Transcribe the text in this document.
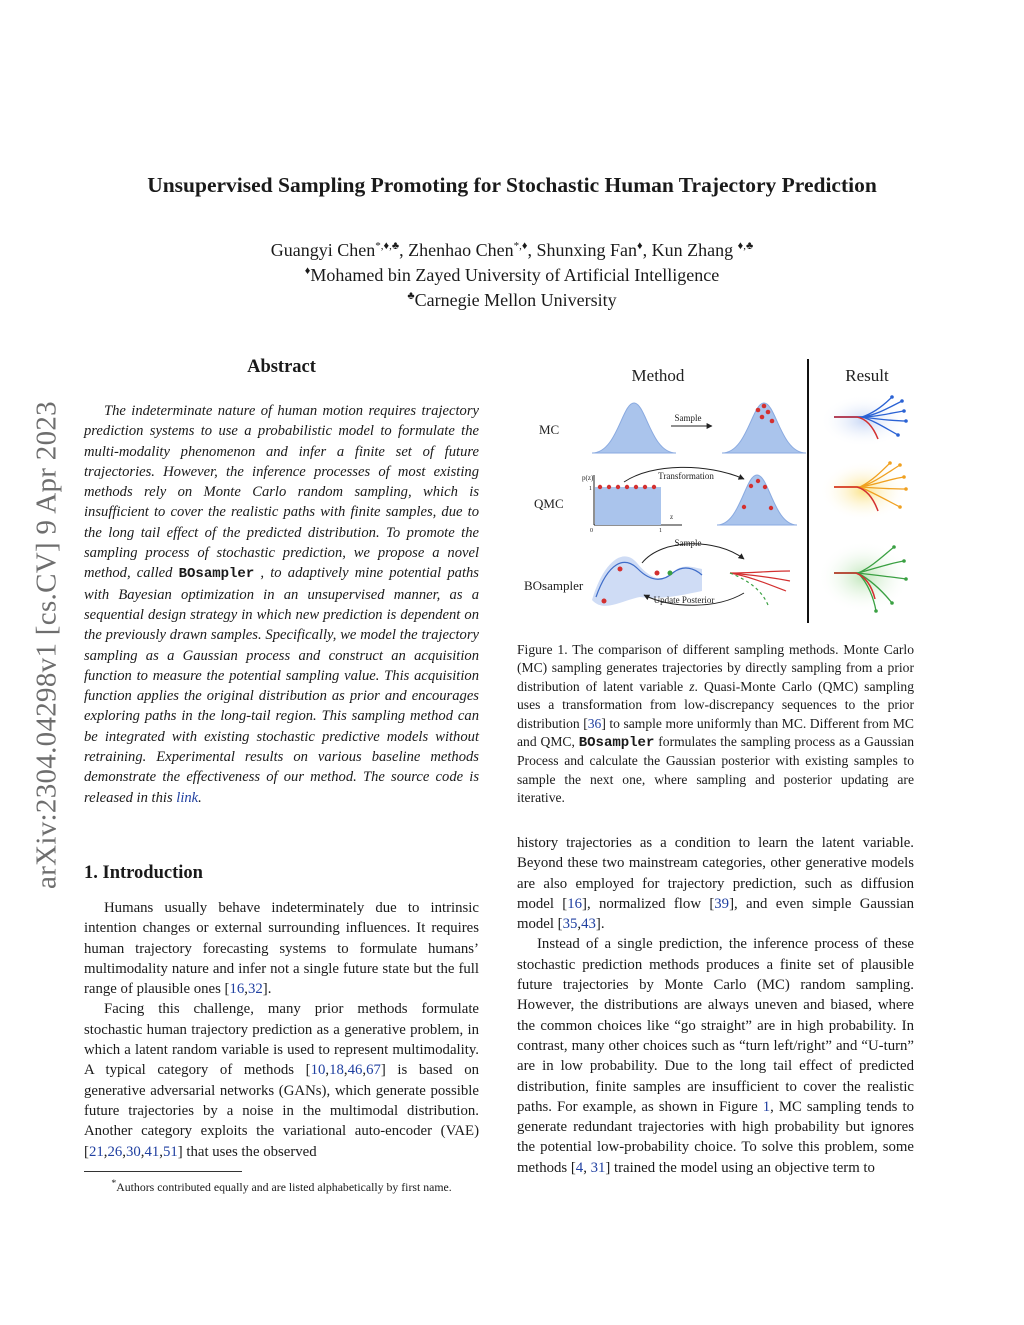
arXiv:2304.04298v1 [cs.CV] 9 Apr 2023
Unsupervised Sampling Promoting for Stochastic Human Trajectory Prediction
Guangyi Chen*,♦,♣, Zhenhao Chen*,♦, Shunxing Fan♦, Kun Zhang ♦,♣
♦Mohamed bin Zayed University of Artificial Intelligence
♣Carnegie Mellon University
Abstract
The indeterminate nature of human motion requires trajectory prediction systems to use a probabilistic model to formulate the multi-modality phenomenon and infer a finite set of future trajectories. However, the inference processes of most existing methods rely on Monte Carlo random sampling, which is insufficient to cover the realistic paths with finite samples, due to the long tail effect of the predicted distribution. To promote the sampling process of stochastic prediction, we propose a novel method, called BOsampler , to adaptively mine potential paths with Bayesian optimization in an unsupervised manner, as a sequential design strategy in which new prediction is dependent on the previously drawn samples. Specifically, we model the trajectory sampling as a Gaussian process and construct an acquisition function to measure the potential sampling value. This acquisition function applies the original distribution as prior and encourages exploring paths in the long-tail region. This sampling method can be integrated with existing stochastic predictive models without retraining. Experimental results on various baseline methods demonstrate the effectiveness of our method. The source code is released in this link.
1. Introduction

Humans usually behave indeterminately due to intrinsic intention changes or external surrounding influences. It requires human trajectory forecasting systems to formulate humans’ multimodality nature and infer not a single future state but the full range of plausible ones [16,32].

Facing this challenge, many prior methods formulate stochastic human trajectory prediction as a generative problem, in which a latent random variable is used to represent multimodality. A typical category of methods [10,18,46,67] is based on generative adversarial networks (GANs), which generate possible future trajectories by a noise in the multimodal distribution. Another category exploits the variational auto-encoder (VAE) [21,26,30,41,51] that uses the observed

*Authors contributed equally and are listed alphabetically by first name.
Method	Result
MC
QMC
BOsampler
Sample
p(z)
z
1
0	1
Transformation
Sample
Update Posterior
Figure 1. The comparison of different sampling methods. Monte Carlo (MC) sampling generates trajectories by directly sampling from a prior distribution of latent variable z. Quasi-Monte Carlo (QMC) sampling uses a transformation from low-discrepancy sequences to the prior distribution [36] to sample more uniformly than MC. Different from MC and QMC, BOsampler formulates the sampling process as a Gaussian Process and calculate the Gaussian posterior with existing samples to sample the next one, where sampling and posterior updating are iterative.

history trajectories as a condition to learn the latent variable. Beyond these two mainstream categories, other generative models are also employed for trajectory prediction, such as diffusion model [16], normalized flow [39], and even simple Gaussian model [35,43].

Instead of a single prediction, the inference process of these stochastic prediction methods produces a finite set of plausible future trajectories by Monte Carlo (MC) random sampling. However, the distributions are always uneven and biased, where the common choices like “go straight” are in high probability. In contrast, many other choices such as “turn left/right” and “U-turn” are in low probability. Due to the long tail effect of predicted distribution, finite samples are insufficient to cover the realistic paths. For example, as shown in Figure 1, MC sampling tends to generate redundant trajectories with high probability but ignores the potential low-probability choice. To solve this problem, some methods [4, 31] trained the model using an objective term to
